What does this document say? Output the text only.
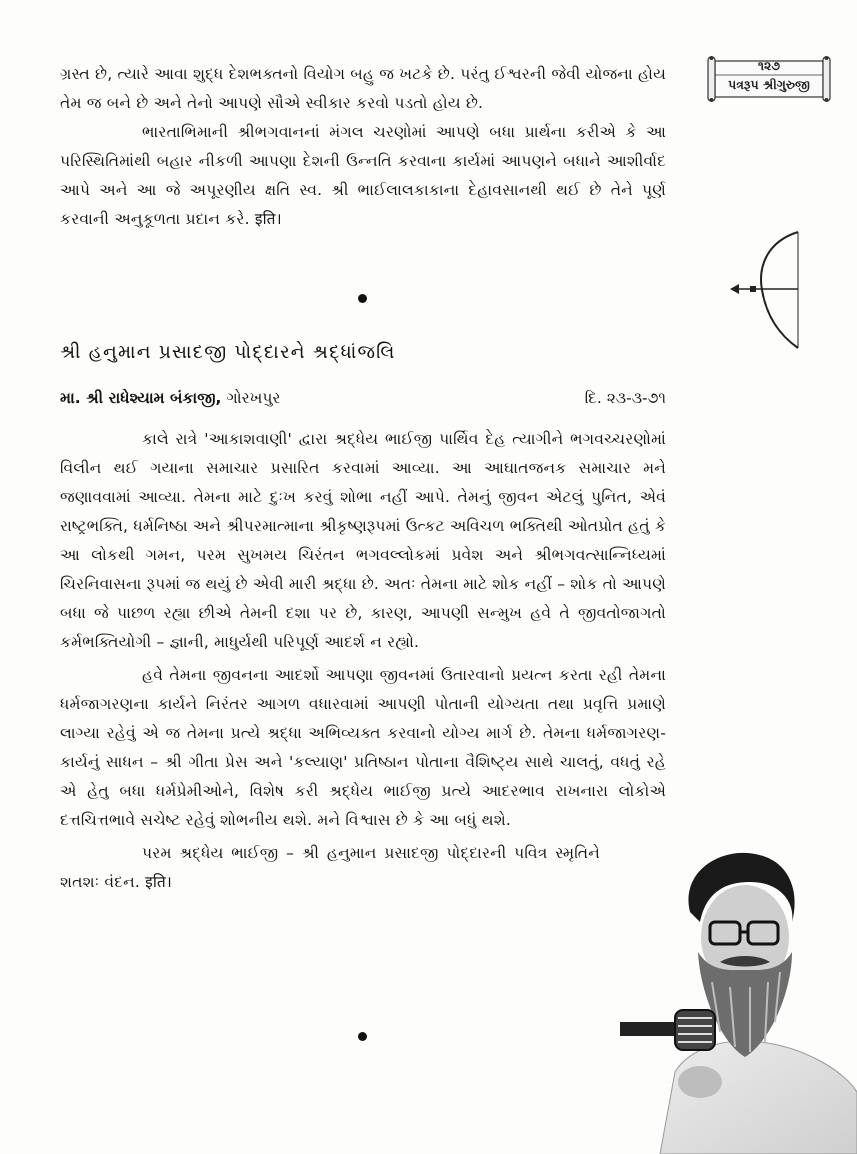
૧૨૭
પત્રરૂપ શ્રીગુરુજી

ગ્રસ્ત છે, ત્યારે આવા શુદ્ધ દેશભક્તનો વિયોગ બહુ જ ખટકે છે. પરંતુ ઈશ્વરની જેવી યોજના હોય તેમ જ બને છે અને તેનો આપણે સૌએ સ્વીકાર કરવો પડતો હોય છે.

ભારતાભિમાની શ્રીભગવાનનાં મંગલ ચરણોમાં આપણે બધા પ્રાર્થના કરીએ કે આ પરિસ્થિતિમાંથી બહાર નીકળી આપણા દેશની ઉન્નતિ કરવાના કાર્યમાં આપણને બધાને આશીર્વાદ આપે અને આ જે અપૂરણીય ક્ષતિ સ્વ. શ્રી ભાઈલાલકાકાના દેહાવસાનથી થઈ છે તેને પૂર્ણ કરવાની અનુકૂળતા પ્રદાન કરે. इति।

શ્રી હનુમાન પ્રસાદજી પોદ્દારને શ્રદ્ધાંજલિ
મા. શ્રી રાધેશ્યામ બંકાજી, ગોરખપુર	દિ. ૨૩-૩-૭૧

કાલે રાત્રે 'આકાશવાણી' દ્વારા શ્રદ્ધેય ભાઈજી પાર્થિવ દેહ ત્યાગીને ભગવચ્ચરણોમાં વિલીન થઈ ગયાના સમાચાર પ્રસારિત કરવામાં આવ્યા. આ આઘાતજનક સમાચાર મને જણાવવામાં આવ્યા. તેમના માટે દુઃખ કરવું શોભા નહીં આપે. તેમનું જીવન એટલું પુનિત, એવં રાષ્ટ્રભક્તિ, ધર્મનિષ્ઠા અને શ્રીપરમાત્માના શ્રીકૃષ્ણરૂપમાં ઉત્કટ અવિચળ ભક્તિથી ઓતપ્રોત હતું કે આ લોકથી ગમન, પરમ સુખમય ચિરંતન ભગવલ્લોકમાં પ્રવેશ અને શ્રીભગવત્સાન્નિધ્યમાં ચિરનિવાસના રૂપમાં જ થયું છે એવી મારી શ્રદ્ધા છે. અતઃ તેમના માટે શોક નહીં – શોક તો આપણે બધા જે પાછળ રહ્યા છીએ તેમની દશા પર છે, કારણ, આપણી સન્મુખ હવે તે જીવતોજાગતો કર્મભક્તિયોગી – જ્ઞાની, માધુર્યથી પરિપૂર્ણ આદર્શ ન રહ્યો.

હવે તેમના જીવનના આદર્શો આપણા જીવનમાં ઉતારવાનો પ્રયત્ન કરતા રહી તેમના ધર્મજાગરણના કાર્યને નિરંતર આગળ વધારવામાં આપણી પોતાની યોગ્યતા તથા પ્રવૃત્તિ પ્રમાણે લાગ્યા રહેવું એ જ તેમના પ્રત્યે શ્રદ્ધા અભિવ્યક્ત કરવાનો યોગ્ય માર્ગ છે. તેમના ધર્મજાગરણ-કાર્યનું સાધન – શ્રી ગીતા પ્રેસ અને 'કલ્યાણ' પ્રતિષ્ઠાન પોતાના વૈશિષ્ટ્ય સાથે ચાલતું, વધતું રહે એ હેતુ બધા ધર્મપ્રેમીઓને, વિશેષ કરી શ્રદ્ધેય ભાઈજી પ્રત્યે આદરભાવ રાખનારા લોકોએ દત્તચિત્તભાવે સચેષ્ટ રહેવું શોભનીય થશે. મને વિશ્વાસ છે કે આ બધું થશે.

પરમ શ્રદ્ધેય ભાઈજી – શ્રી હનુમાન પ્રસાદજી પોદ્દારની પવિત્ર સ્મૃતિને શતશઃ વંદન. इति।
